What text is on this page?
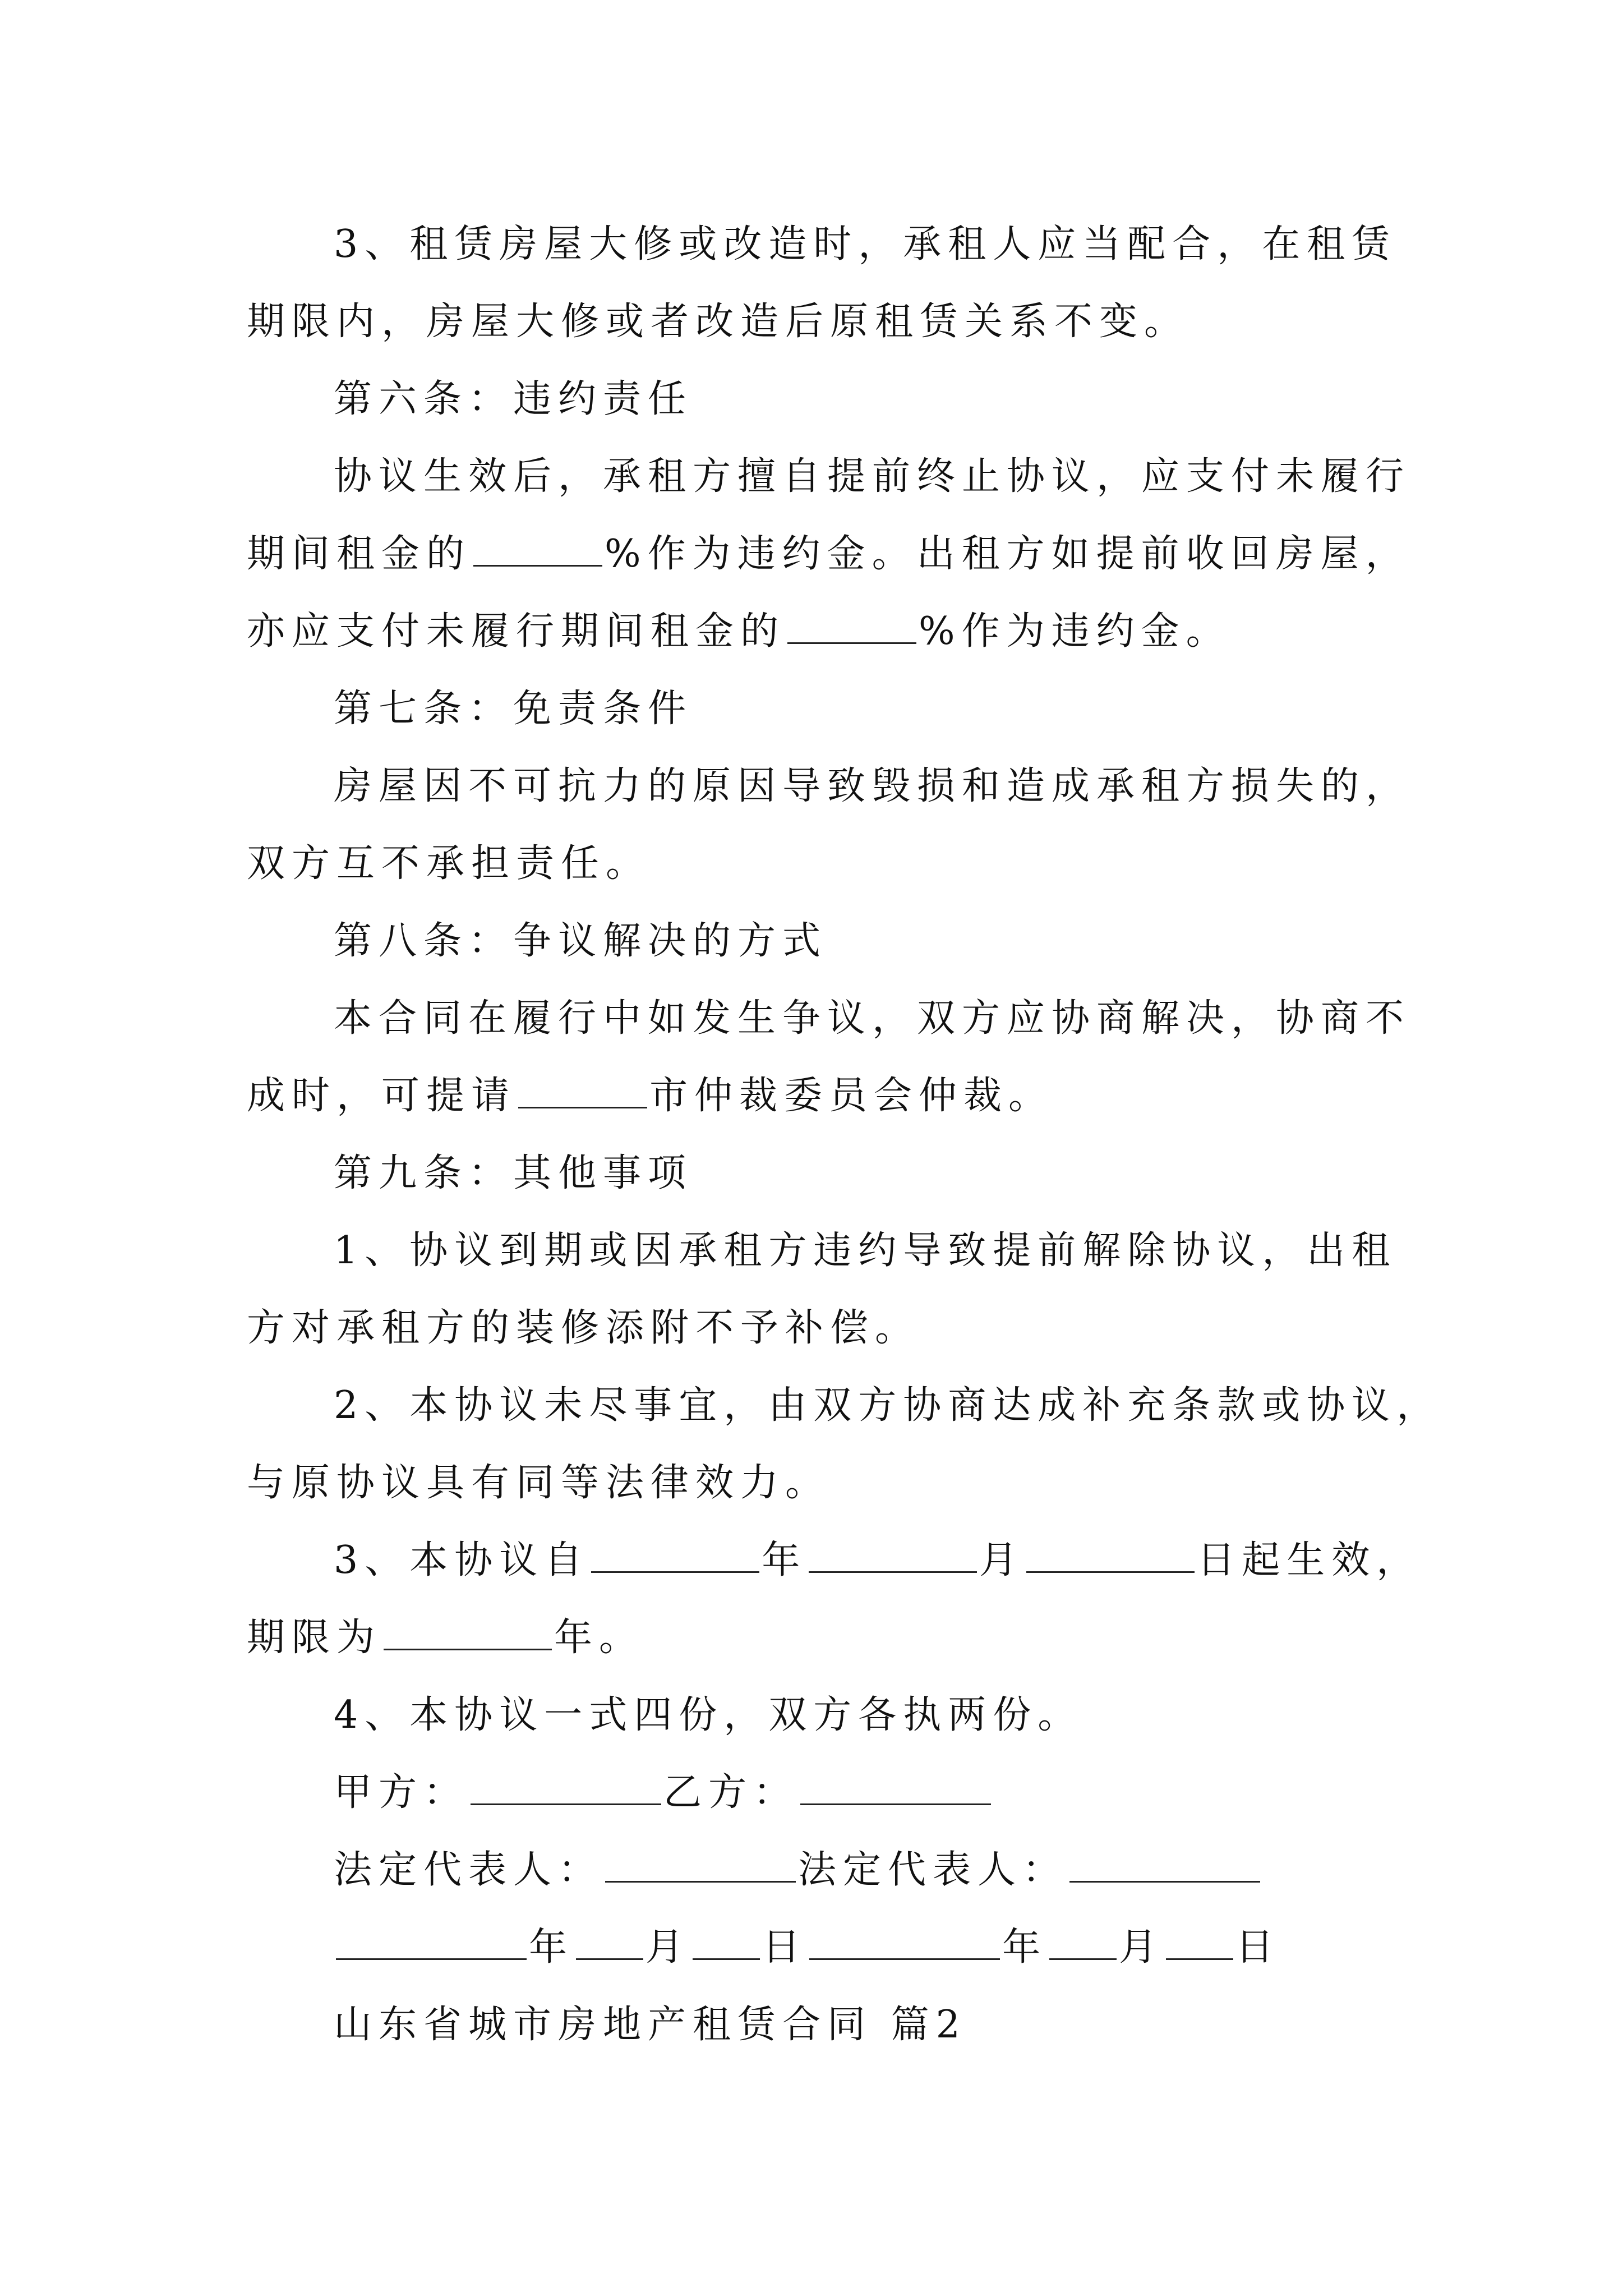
3、租赁房屋大修或改造时，承租人应当配合，在租赁
期限内，房屋大修或者改造后原租赁关系不变。
第六条：违约责任
协议生效后，承租方擅自提前终止协议，应支付未履行
期间租金的	%作为违约金。出租方如提前收回房屋，
亦应支付未履行期间租金的	%作为违约金。
第七条：免责条件
房屋因不可抗力的原因导致毁损和造成承租方损失的，
双方互不承担责任。
第八条：争议解决的方式
本合同在履行中如发生争议，双方应协商解决，协商不
成时，可提请	市仲裁委员会仲裁。
第九条：其他事项
1、协议到期或因承租方违约导致提前解除协议，出租
方对承租方的装修添附不予补偿。
2、本协议未尽事宜，由双方协商达成补充条款或协议，
与原协议具有同等法律效力。
3、本协议自	年	月	日起生效，
期限为	年。
4、本协议一式四份，双方各执两份。
甲方：	乙方：
法定代表人：	法定代表人：
年 月 日	年 月 日
山东省城市房地产租赁合同 篇2
